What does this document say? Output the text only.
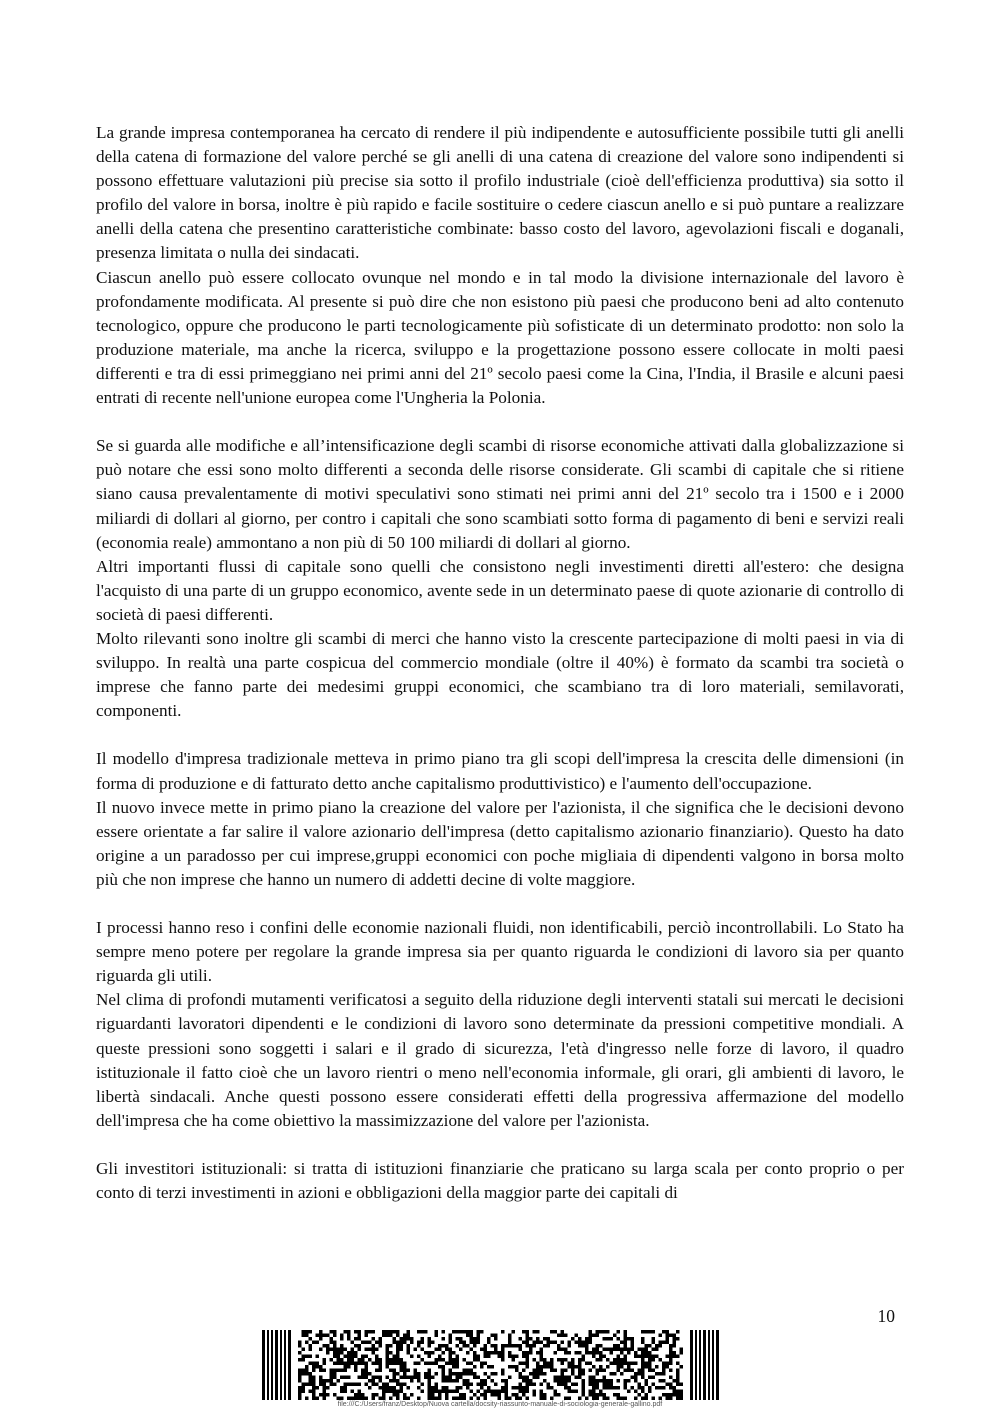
La grande impresa contemporanea ha cercato di rendere il più indipendente e autosufficiente possibile tutti gli anelli della catena di formazione del valore perché se gli anelli di una catena di creazione del valore sono indipendenti si possono effettuare valutazioni più precise sia sotto il profilo industriale (cioè dell'efficienza produttiva) sia sotto il profilo del valore in borsa, inoltre è più rapido e facile sostituire o cedere ciascun anello e si può puntare a realizzare anelli della catena che presentino caratteristiche combinate: basso costo del lavoro, agevolazioni fiscali e doganali, presenza limitata o nulla dei sindacati.

Ciascun anello può essere collocato ovunque nel mondo e in tal modo la divisione internazionale del lavoro è profondamente modificata. Al presente si può dire che non esistono più paesi che producono beni ad alto contenuto tecnologico, oppure che producono le parti tecnologicamente più sofisticate di un determinato prodotto: non solo la produzione materiale, ma anche la ricerca, sviluppo e la progettazione possono essere collocate in molti paesi differenti e tra di essi primeggiano nei primi anni del 21º secolo paesi come la Cina, l'India, il Brasile e alcuni paesi entrati di recente nell'unione europea come l'Ungheria la Polonia.

Se si guarda alle modifiche e all’intensificazione degli scambi di risorse economiche attivati dalla globalizzazione si può notare che essi sono molto differenti a seconda delle risorse considerate. Gli scambi di capitale che si ritiene siano causa prevalentamente di motivi speculativi sono stimati nei primi anni del 21º secolo tra i 1500 e i 2000 miliardi di dollari al giorno, per contro i capitali che sono scambiati sotto forma di pagamento di beni e servizi reali (economia reale) ammontano a non più di 50 100 miliardi di dollari al giorno.

Altri importanti flussi di capitale sono quelli che consistono negli investimenti diretti all'estero: che designa l'acquisto di una parte di un gruppo economico, avente sede in un determinato paese di quote azionarie di controllo di società di paesi differenti.

Molto rilevanti sono inoltre gli scambi di merci che hanno visto la crescente partecipazione di molti paesi in via di sviluppo. In realtà una parte cospicua del commercio mondiale (oltre il 40%) è formato da scambi tra società o imprese che fanno parte dei medesimi gruppi economici, che scambiano tra di loro materiali, semilavorati, componenti.

Il modello d'impresa tradizionale metteva in primo piano tra gli scopi dell'impresa la crescita delle dimensioni (in forma di produzione e di fatturato detto anche capitalismo produttivistico) e l'aumento dell'occupazione.

Il nuovo invece mette in primo piano la creazione del valore per l'azionista, il che significa che le decisioni devono essere orientate a far salire il valore azionario dell'impresa (detto capitalismo azionario finanziario). Questo ha dato origine a un paradosso per cui imprese,gruppi economici con poche migliaia di dipendenti valgono in borsa molto più che non imprese che hanno un numero di addetti decine di volte maggiore.

I processi hanno reso i confini delle economie nazionali fluidi, non identificabili, perciò incontrollabili. Lo Stato ha sempre meno potere per regolare la grande impresa sia per quanto riguarda le condizioni di lavoro sia per quanto riguarda gli utili.

Nel clima di profondi mutamenti verificatosi a seguito della riduzione degli interventi statali sui mercati le decisioni riguardanti lavoratori dipendenti e le condizioni di lavoro sono determinate da pressioni competitive mondiali. A queste pressioni sono soggetti i salari e il grado di sicurezza, l'età d'ingresso nelle forze di lavoro, il quadro istituzionale il fatto cioè che un lavoro rientri o meno nell'economia informale, gli orari, gli ambienti di lavoro, le libertà sindacali. Anche questi possono essere considerati effetti della progressiva affermazione del modello dell'impresa che ha come obiettivo la massimizzazione del valore per l'azionista.

Gli investitori istituzionali: si tratta di istituzioni finanziarie che praticano su larga scala per conto proprio o per conto di terzi investimenti in azioni e obbligazioni della maggior parte dei capitali di

10
file:///C:/Users/franz/Desktop/Nuova cartella/docsity-riassunto-manuale-di-sociologia-generale-gallino.pdf
